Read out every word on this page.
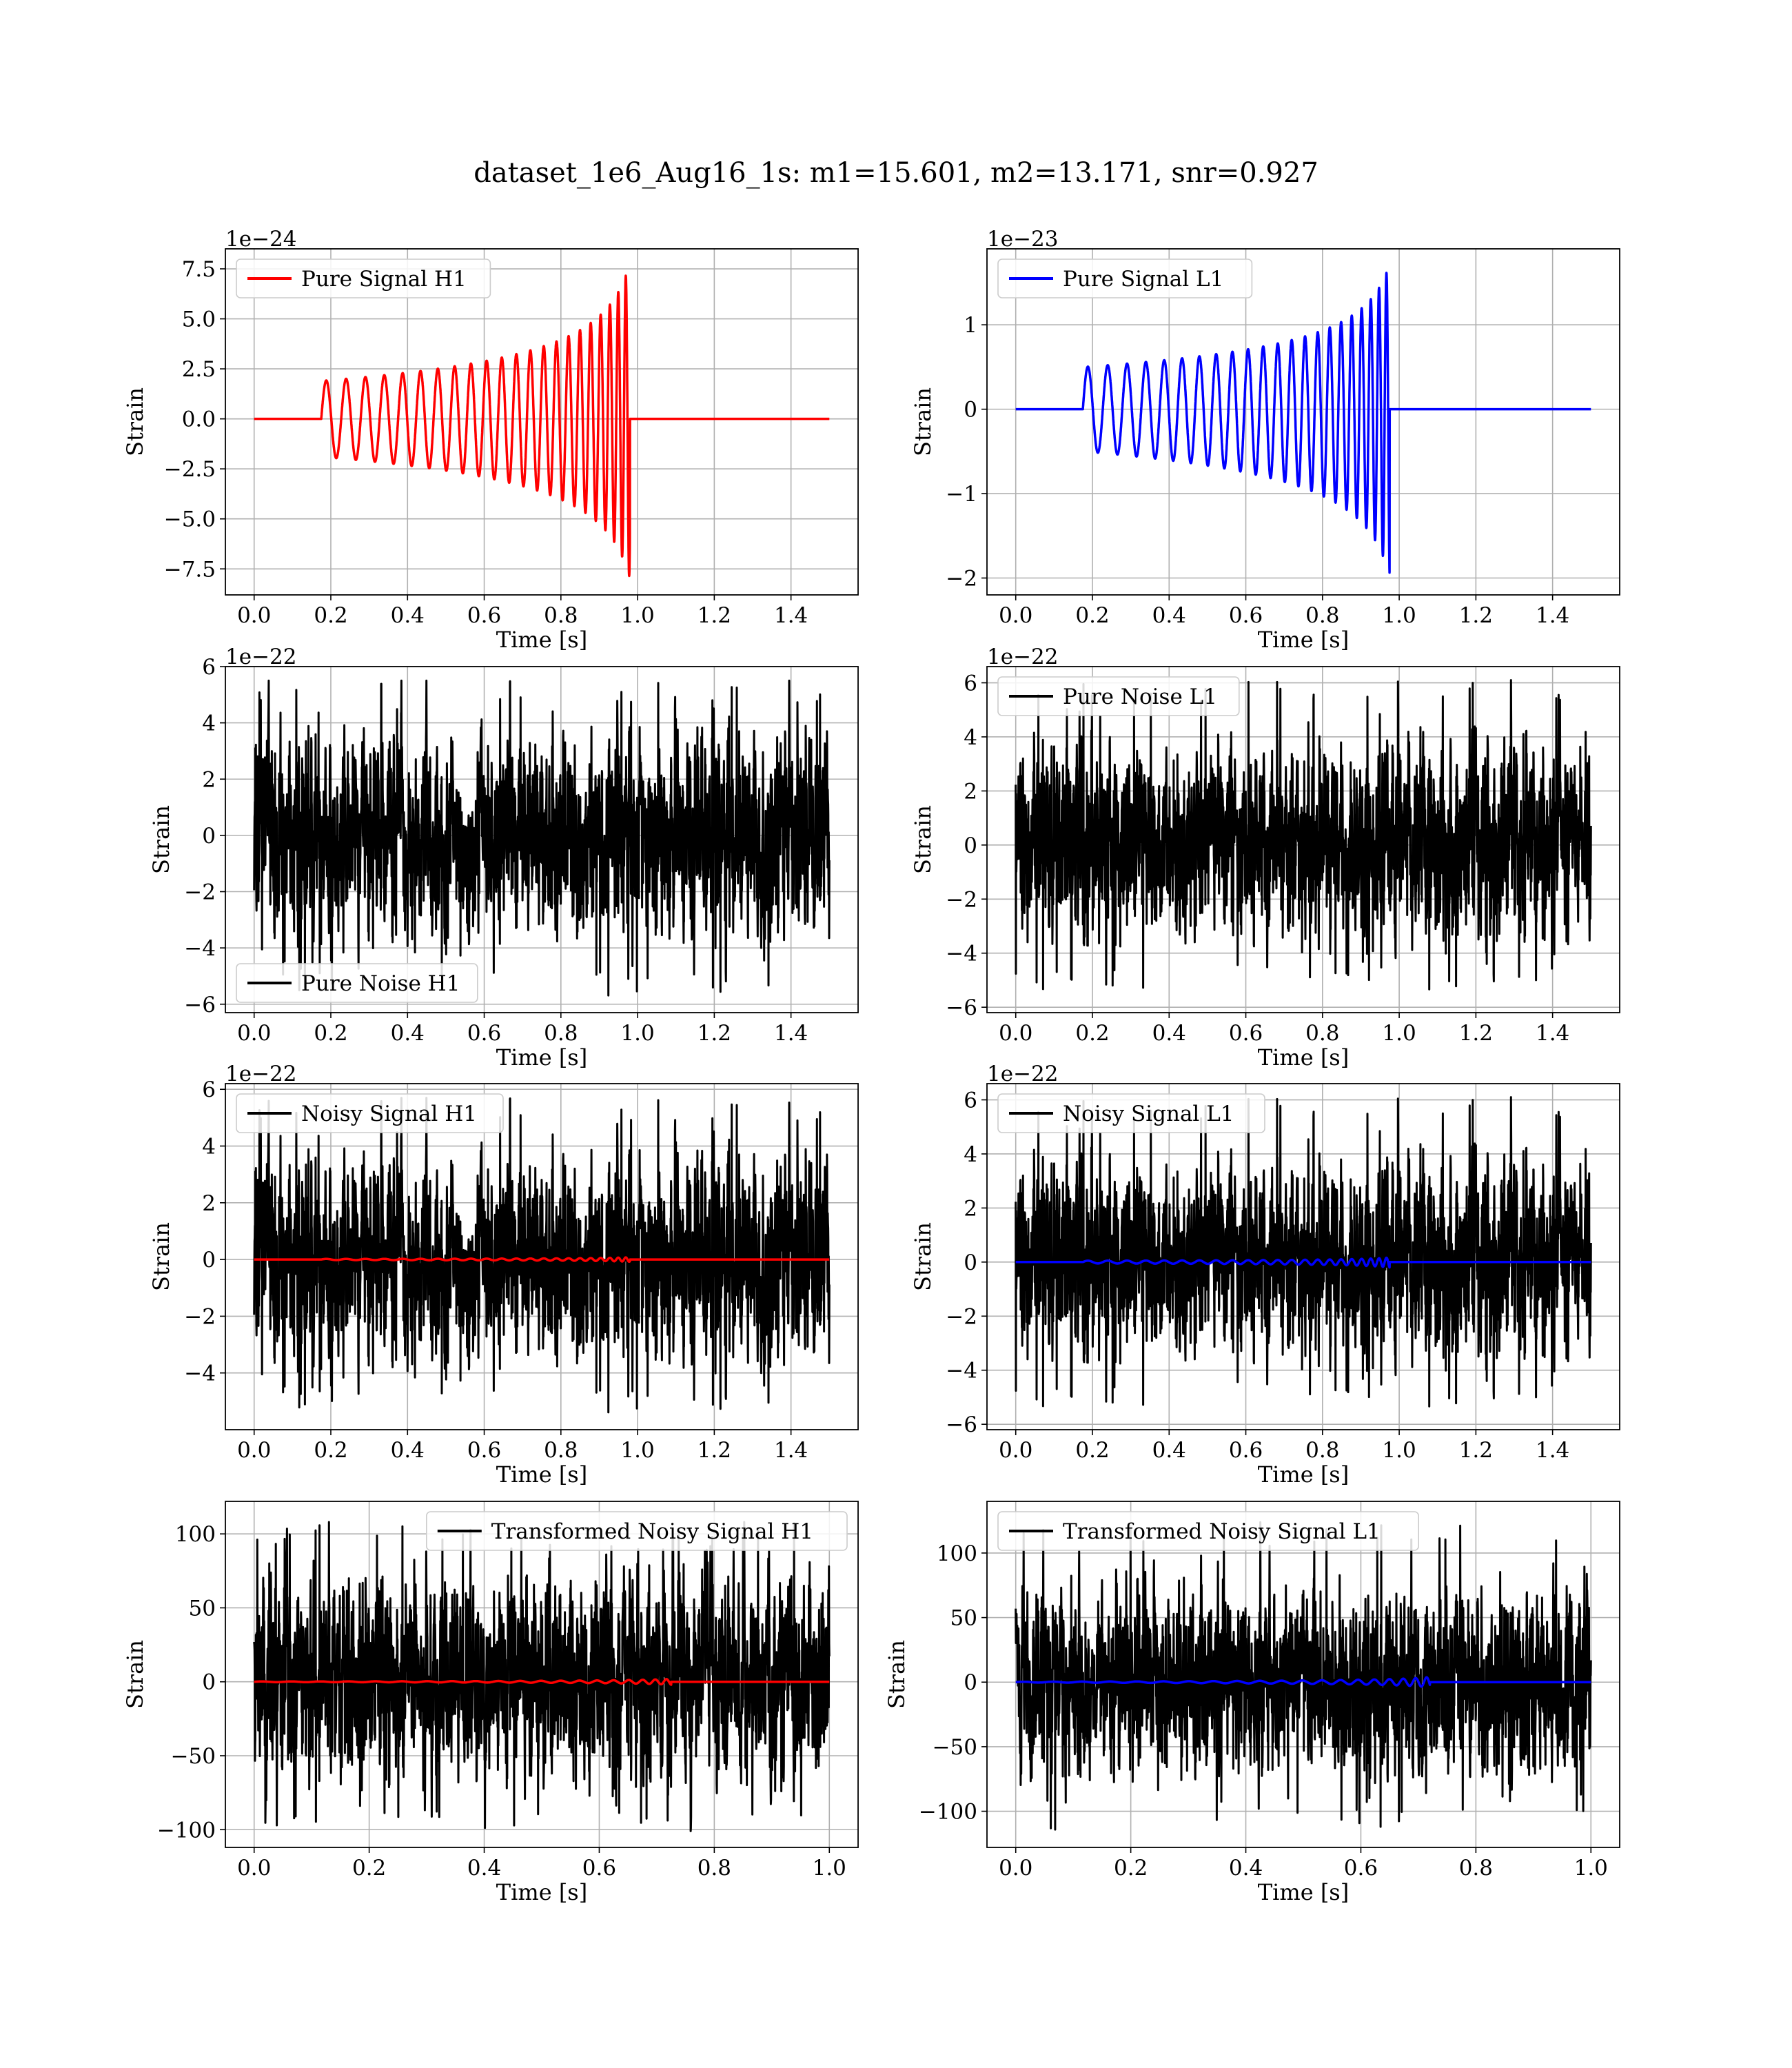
dataset_1e6_Aug16_1s: m1=15.601, m2=13.171, snr=0.927
0.0 0.2 0.4 0.6 0.8 1.0 1.2 1.4
7.5
5.0
2.5
0.0
−2.5
−5.0
−7.5
Time [s]
Strain
1e−24
Pure Signal H1
0.0 0.2 0.4 0.6 0.8 1.0 1.2 1.4
1
0
−1
−2
Time [s]
Strain
1e−23
Pure Signal L1
0.0 0.2 0.4 0.6 0.8 1.0 1.2 1.4
6
4
2
0
−2
−4
−6
Time [s]
Strain
1e−22
Pure Noise H1
0.0 0.2 0.4 0.6 0.8 1.0 1.2 1.4
6
4
2
0
−2
−4
−6
Time [s]
Strain
1e−22
Pure Noise L1
0.0 0.2 0.4 0.6 0.8 1.0 1.2 1.4
6
4
2
0
−2
−4
Time [s]
Strain
1e−22
Noisy Signal H1
0.0 0.2 0.4 0.6 0.8 1.0 1.2 1.4
6
4
2
0
−2
−4
−6
Time [s]
Strain
1e−22
Noisy Signal L1
0.0	0.2	0.4	0.6	0.8	1.0
100
50
0
−50
−100
Time [s]
Strain
Transformed Noisy Signal H1
0.0	0.2	0.4	0.6	0.8	1.0
100
50
0
−50
−100
Time [s]
Strain
Transformed Noisy Signal L1
